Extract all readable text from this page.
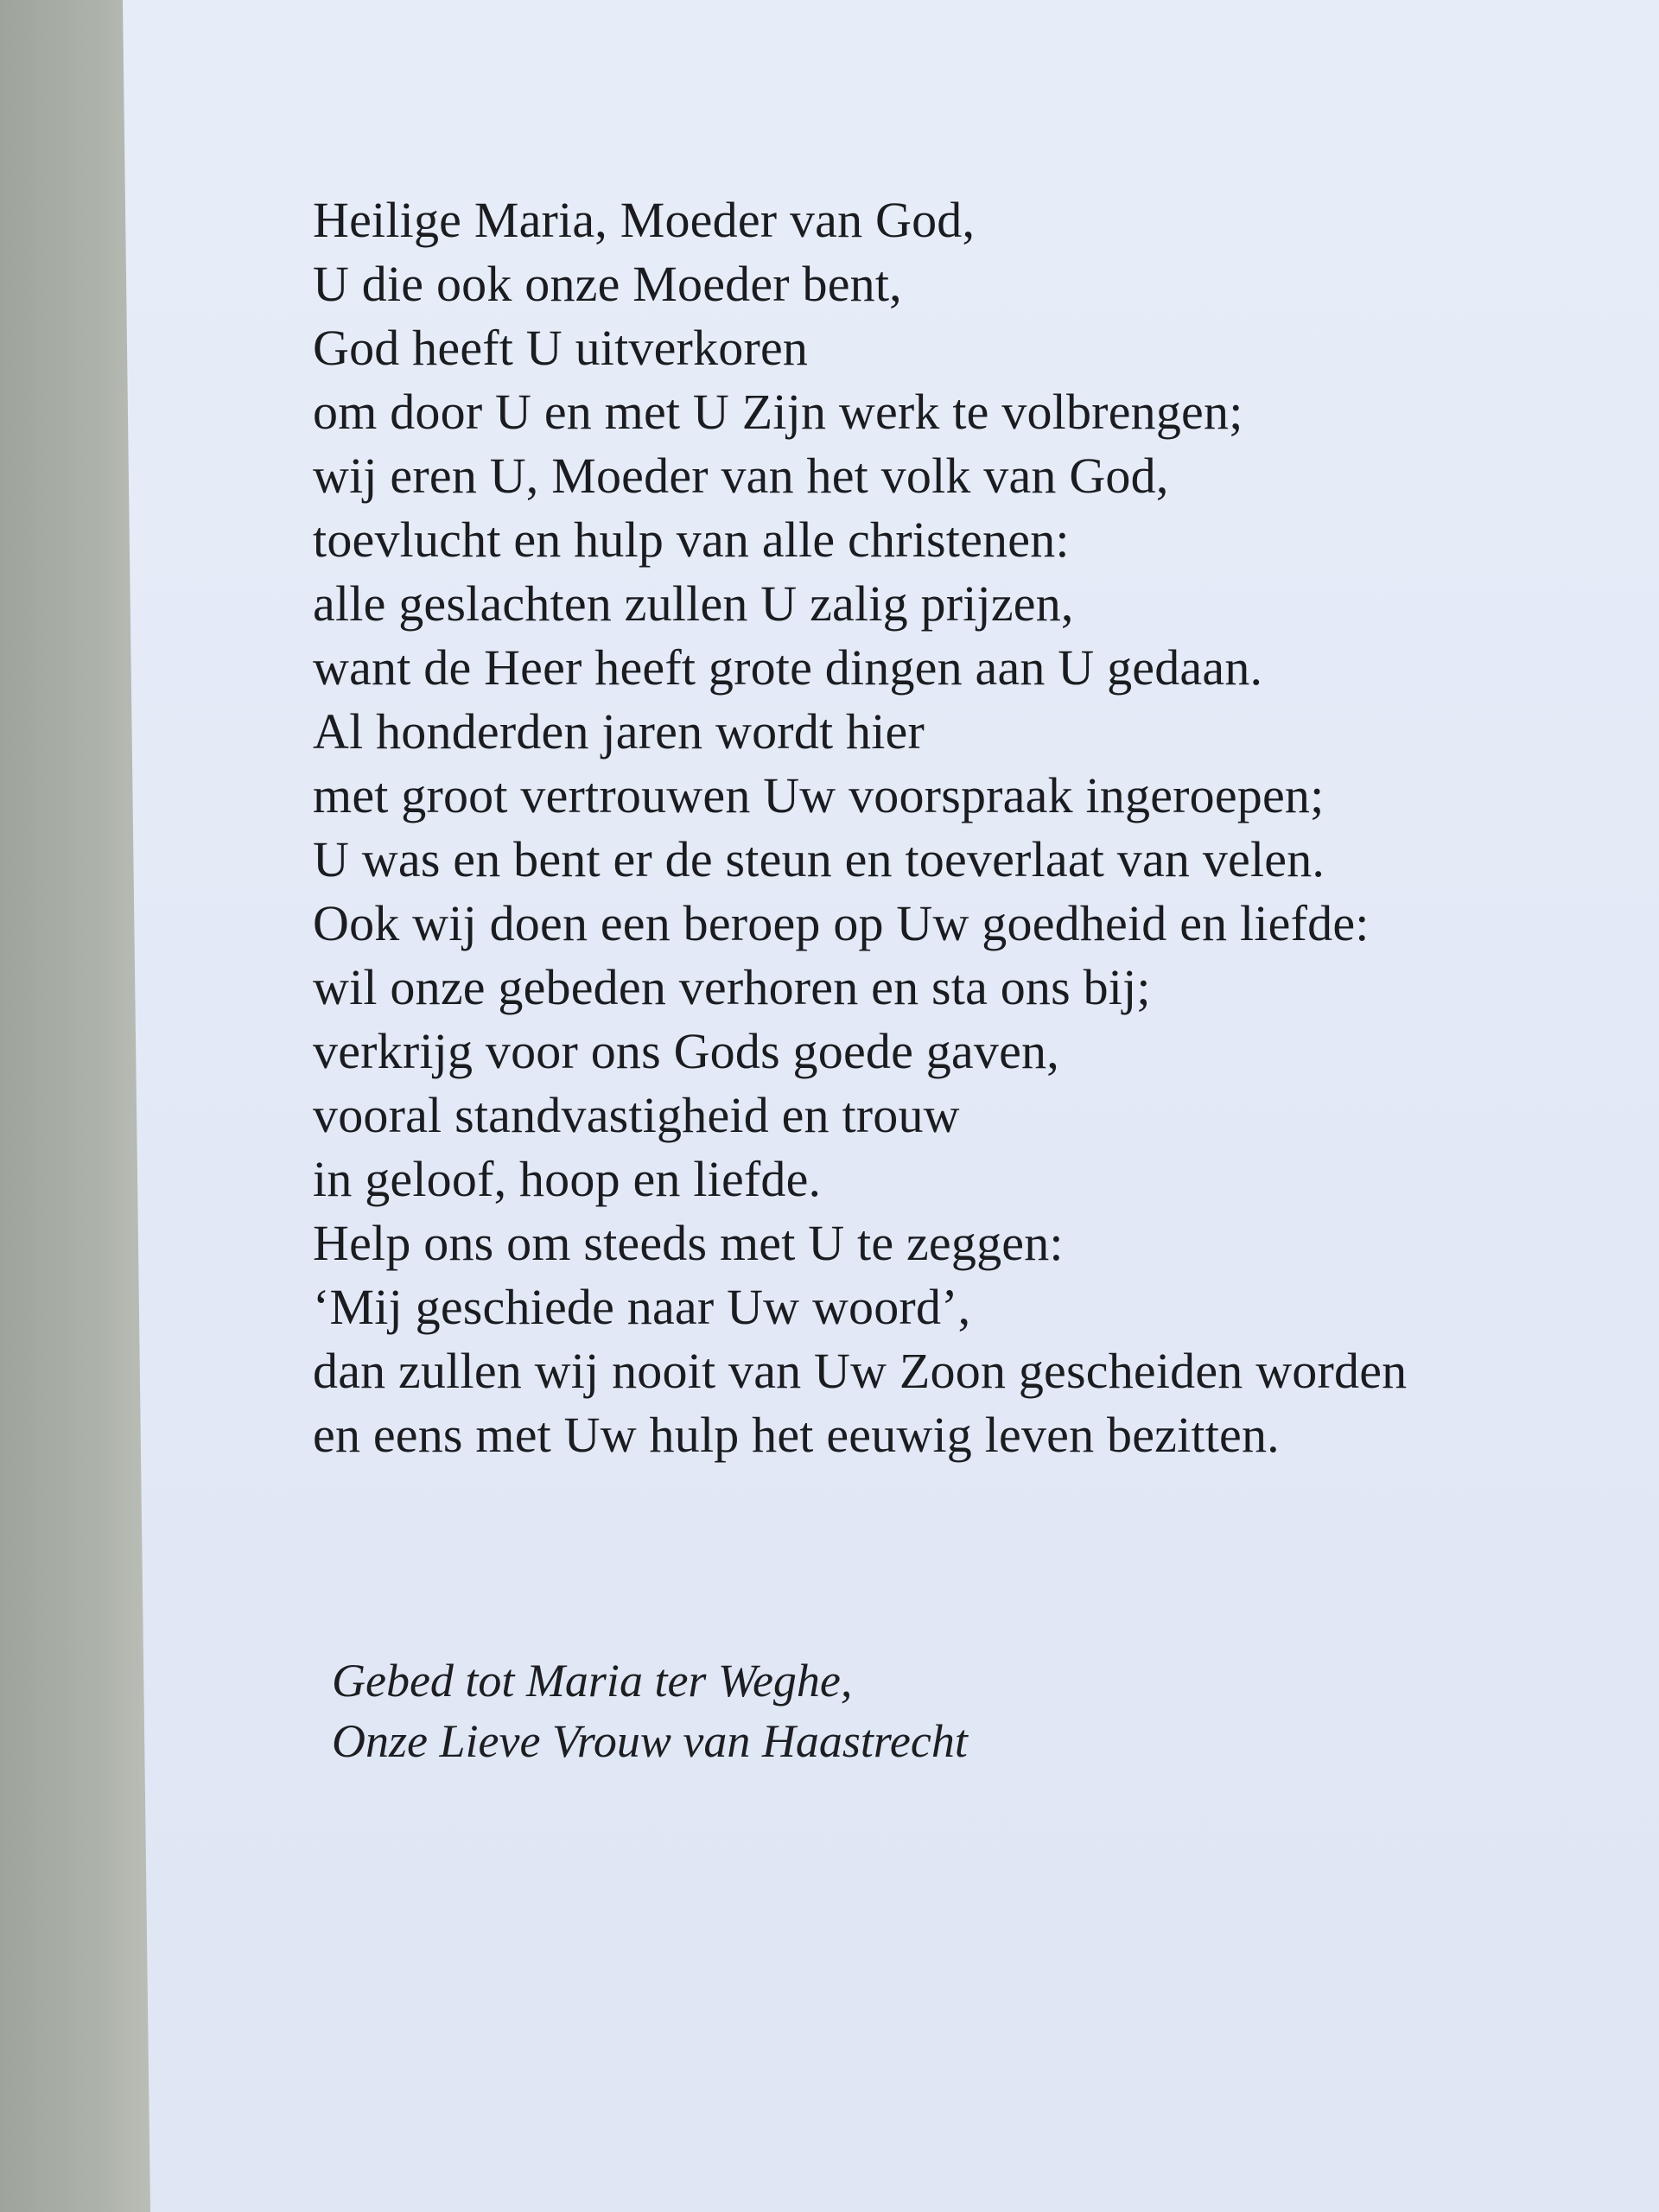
Heilige Maria, Moeder van God,
U die ook onze Moeder bent,
God heeft U uitverkoren
om door U en met U Zijn werk te volbrengen;
wij eren U, Moeder van het volk van God,
toevlucht en hulp van alle christenen:
alle geslachten zullen U zalig prijzen,
want de Heer heeft grote dingen aan U gedaan.
Al honderden jaren wordt hier
met groot vertrouwen Uw voorspraak ingeroepen;
U was en bent er de steun en toeverlaat van velen.
Ook wij doen een beroep op Uw goedheid en liefde:
wil onze gebeden verhoren en sta ons bij;
verkrijg voor ons Gods goede gaven,
vooral standvastigheid en trouw
in geloof, hoop en liefde.
Help ons om steeds met U te zeggen:
‘Mij geschiede naar Uw woord’,
dan zullen wij nooit van Uw Zoon gescheiden worden
en eens met Uw hulp het eeuwig leven bezitten.
Gebed tot Maria ter Weghe,
Onze Lieve Vrouw van Haastrecht
